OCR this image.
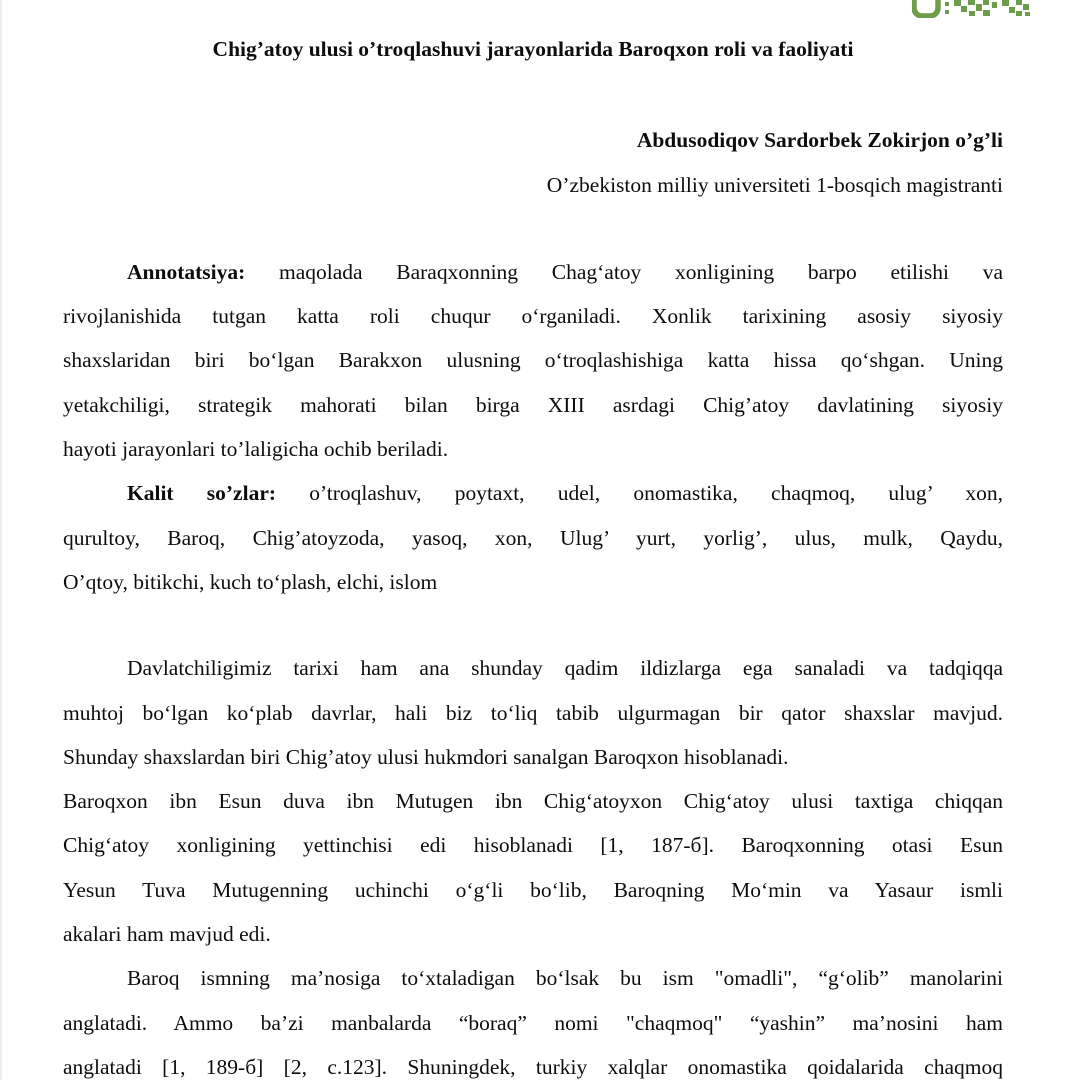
Chig’atoy ulusi o’troqlashuvi jarayonlarida Baroqxon roli va faoliyati
Abdusodiqov Sardorbek Zokirjon o’g’li
O’zbekiston milliy universiteti 1-bosqich magistranti
Annotatsiya: maqolada Baraqxonning Chag‘atoy xonligining barpo etilishi va
rivojlanishida tutgan katta roli chuqur o‘rganiladi. Xonlik tarixining asosiy siyosiy
shaxslaridan biri bo‘lgan Barakxon ulusning o‘troqlashishiga katta hissa qo‘shgan. Uning
yetakchiligi, strategik mahorati bilan birga XIII asrdagi Chig’atoy davlatining siyosiy
hayoti jarayonlari to’laligicha ochib beriladi.
Kalit so’zlar: o’troqlashuv, poytaxt, udel, onomastika, chaqmoq, ulug’ xon,
qurultoy, Baroq, Chig’atoyzoda, yasoq, xon, Ulug’ yurt, yorlig’, ulus, mulk, Qaydu,
O’qtoy, bitikchi, kuch to‘plash, elchi, islom
Davlatchiligimiz tarixi ham ana shunday qadim ildizlarga ega sanaladi va tadqiqqa
muhtoj bo‘lgan ko‘plab davrlar, hali biz to‘liq tabib ulgurmagan bir qator shaxslar mavjud.
Shunday shaxslardan biri Chig’atoy ulusi hukmdori sanalgan Baroqxon hisoblanadi.
Baroqxon ibn Esun duva ibn Mutugen ibn Chig‘atoyxon Chig‘atoy ulusi taxtiga chiqqan
Chig‘atoy xonligining yettinchisi edi hisoblanadi [1, 187-б]. Baroqxonning otasi Esun
Yesun Tuva Mutugenning uchinchi o‘g‘li bo‘lib, Baroqning Mo‘min va Yasaur ismli
akalari ham mavjud edi.
Baroq ismning ma’nosiga to‘xtaladigan bo‘lsak bu ism "omadli", “g‘olib” manolarini
anglatadi. Ammo ba’zi manbalarda “boraq” nomi "chaqmoq" “yashin” ma’nosini ham
anglatadi [1, 189-б] [2, c.123]. Shuningdek, turkiy xalqlar onomastika qoidalarida chaqmoq
